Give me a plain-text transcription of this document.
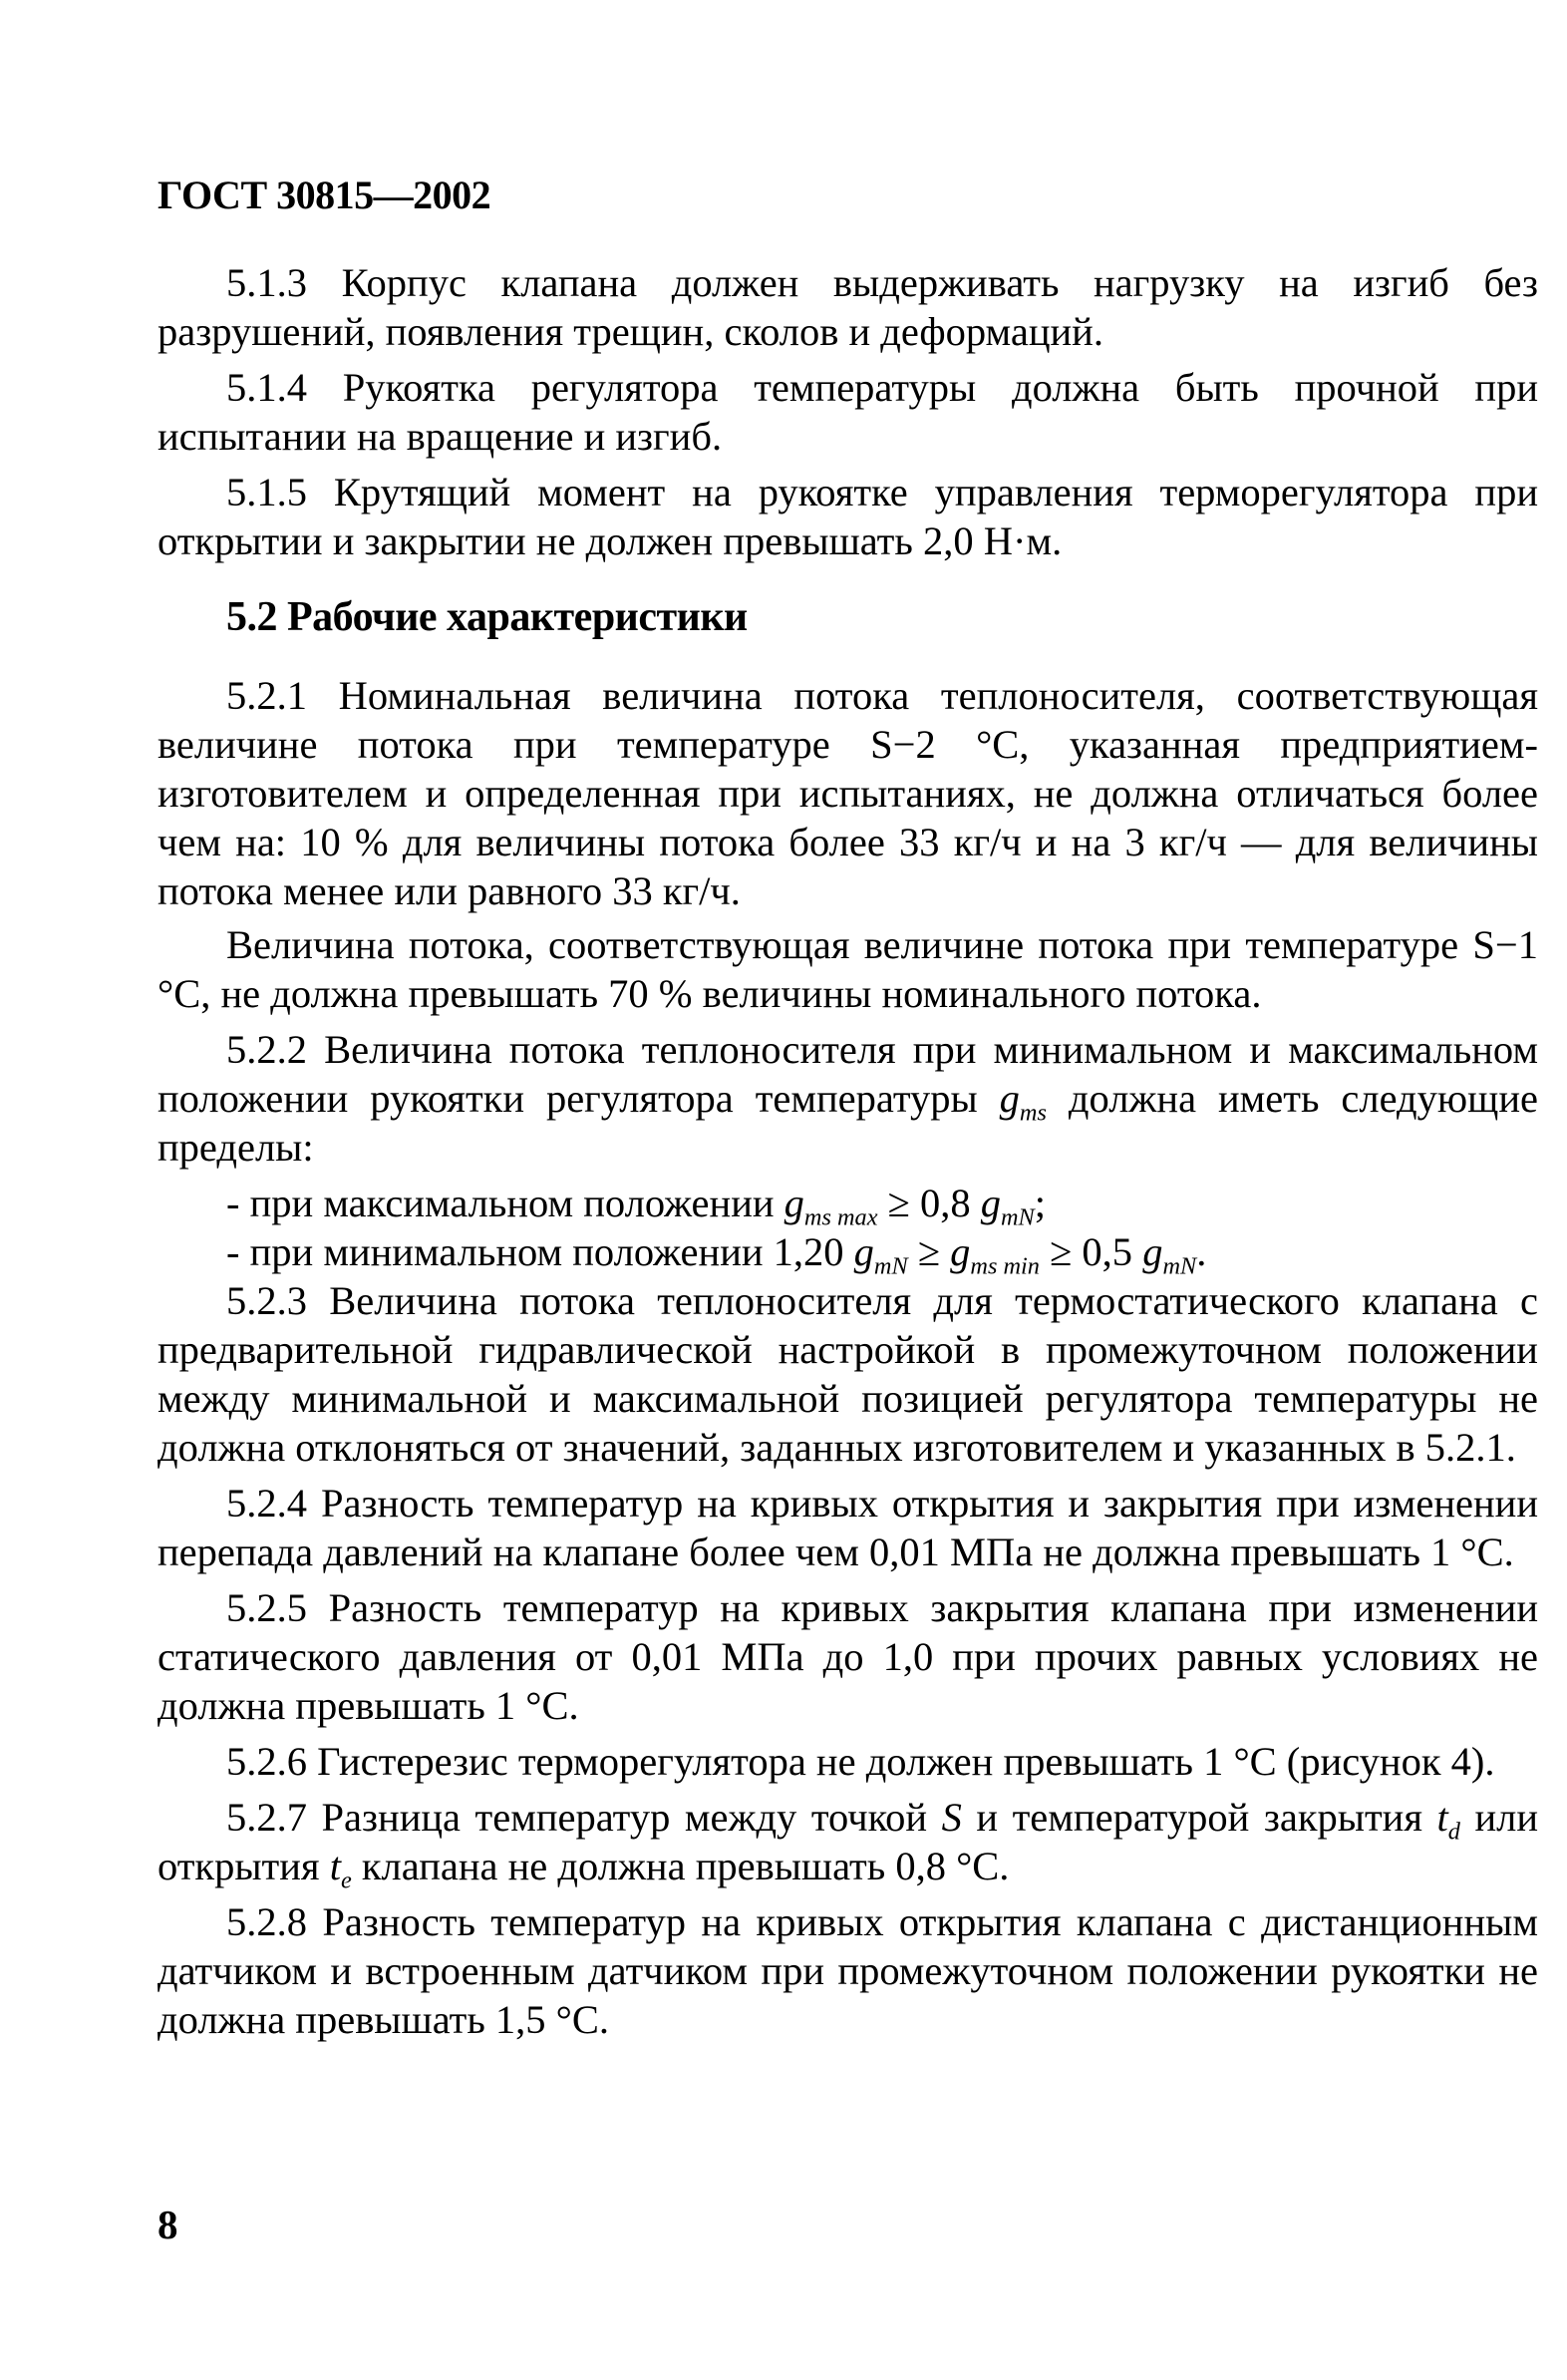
ГОСТ 30815—2002

5.1.3 Корпус клапана должен выдерживать нагрузку на изгиб без разрушений, появления трещин, сколов и деформаций.

5.1.4 Рукоятка регулятора температуры должна быть прочной при испытании на вращение и изгиб.

5.1.5 Крутящий момент на рукоятке управления терморегулятора при открытии и закрытии не должен превышать 2,0 Н·м.

5.2 Рабочие характеристики

5.2.1 Номинальная величина потока теплоносителя, соответствующая величине потока при температуре S−2 °С, указанная предприятием-изготовителем и определенная при испытаниях, не должна отличаться более чем на: 10 % для величины потока более 33 кг/ч и на 3 кг/ч — для величины потока менее или равного 33 кг/ч.

Величина потока, соответствующая величине потока при температуре S−1 °С, не должна превышать 70 % величины номинального потока.

5.2.2 Величина потока теплоносителя при минимальном и максимальном положении рукоятки регулятора температуры $g_{ms}$ должна иметь следующие пределы:

- при максимальном положении $g_{ms max} \ge 0,8$ $g_{mN}$;

- при минимальном положении 1,20 $g_{mN} \ge g_{ms min} \ge 0,5$ $g_{mN}$.

5.2.3 Величина потока теплоносителя для термостатического клапана с предварительной гидравлической настройкой в промежуточном положении между минимальной и максимальной позицией регулятора температуры не должна отклоняться от значений, заданных изготовителем и указанных в 5.2.1.

5.2.4 Разность температур на кривых открытия и закрытия при изменении перепада давлений на клапане более чем 0,01 МПа не должна превышать 1 °С.

5.2.5 Разность температур на кривых закрытия клапана при изменении статического давления от 0,01 МПа до 1,0 при прочих равных условиях не должна превышать 1 °С.

5.2.6 Гистерезис терморегулятора не должен превышать 1 °С (рисунок 4).

5.2.7 Разница температур между точкой S и температурой закрытия $t_d$ или открытия $t_e$ клапана не должна превышать 0,8 °С.

5.2.8 Разность температур на кривых открытия клапана с дистанционным датчиком и встроенным датчиком при промежуточном положении рукоятки не должна превышать 1,5 °С.

8
